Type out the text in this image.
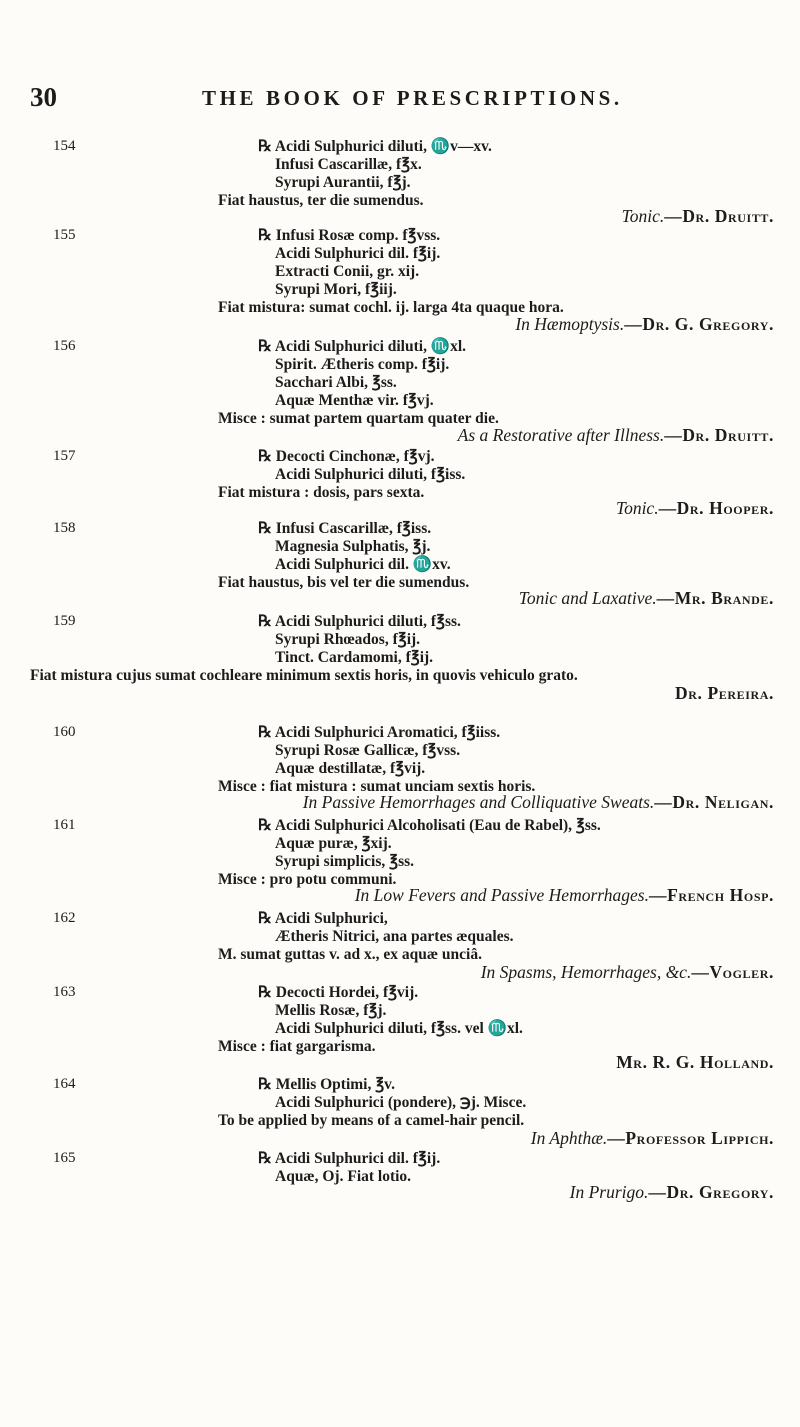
30	THE BOOK OF PRESCRIPTIONS.
154	℞ Acidi Sulphurici diluti, ♏v—xv.
Infusi Cascarillæ, f℥x.
Syrupi Aurantii, f℥j.
Fiat haustus, ter die sumendus.
Tonic.—Dr. Druitt.
155	℞ Infusi Rosæ comp. f℥vss.
Acidi Sulphurici dil. f℥ij.
Extracti Conii, gr. xij.
Syrupi Mori, f℥iij.
Fiat mistura: sumat cochl. ij. larga 4ta quaque hora.
In Hæmoptysis.—Dr. G. Gregory.
156	℞ Acidi Sulphurici diluti, ♏xl.
Spirit. Ætheris comp. f℥ij.
Sacchari Albi, ℥ss.
Aquæ Menthæ vir. f℥vj.
Misce : sumat partem quartam quater die.
As a Restorative after Illness.—Dr. Druitt.
157	℞ Decocti Cinchonæ, f℥vj.
Acidi Sulphurici diluti, f℥iss.
Fiat mistura : dosis, pars sexta.
Tonic.—Dr. Hooper.
158	℞ Infusi Cascarillæ, f℥iss.
Magnesia Sulphatis, ℥j.
Acidi Sulphurici dil. ♏xv.
Fiat haustus, bis vel ter die sumendus.
Tonic and Laxative.—Mr. Brande.
159	℞ Acidi Sulphurici diluti, f℥ss.
Syrupi Rhœados, f℥ij.
Tinct. Cardamomi, f℥ij.
Fiat mistura cujus sumat cochleare minimum sextis horis, in quovis vehiculo grato.
Dr. Pereira.
160	℞ Acidi Sulphurici Aromatici, f℥iiss.
Syrupi Rosæ Gallicæ, f℥vss.
Aquæ destillatæ, f℥vij.
Misce : fiat mistura : sumat unciam sextis horis.
In Passive Hemorrhages and Colliquative Sweats.—Dr. Neligan.
161	℞ Acidi Sulphurici Alcoholisati (Eau de Rabel), ℥ss.
Aquæ puræ, ℥xij.
Syrupi simplicis, ℥ss.
Misce : pro potu communi.
In Low Fevers and Passive Hemorrhages.—French Hosp.
162	℞ Acidi Sulphurici,
Ætheris Nitrici, ana partes æquales.
M. sumat guttas v. ad x., ex aquæ unciâ.
In Spasms, Hemorrhages, &c.—Vogler.
163	℞ Decocti Hordei, f℥vij.
Mellis Rosæ, f℥j.
Acidi Sulphurici diluti, f℥ss. vel ♏xl.
Misce : fiat gargarisma.
Mr. R. G. Holland.
164	℞ Mellis Optimi, ℥v.
Acidi Sulphurici (pondere), ℈j. Misce.
To be applied by means of a camel-hair pencil.
In Aphthæ.—Professor Lippich.
165	℞ Acidi Sulphurici dil. f℥ij.
Aquæ, Oj. Fiat lotio.
In Prurigo.—Dr. Gregory.
